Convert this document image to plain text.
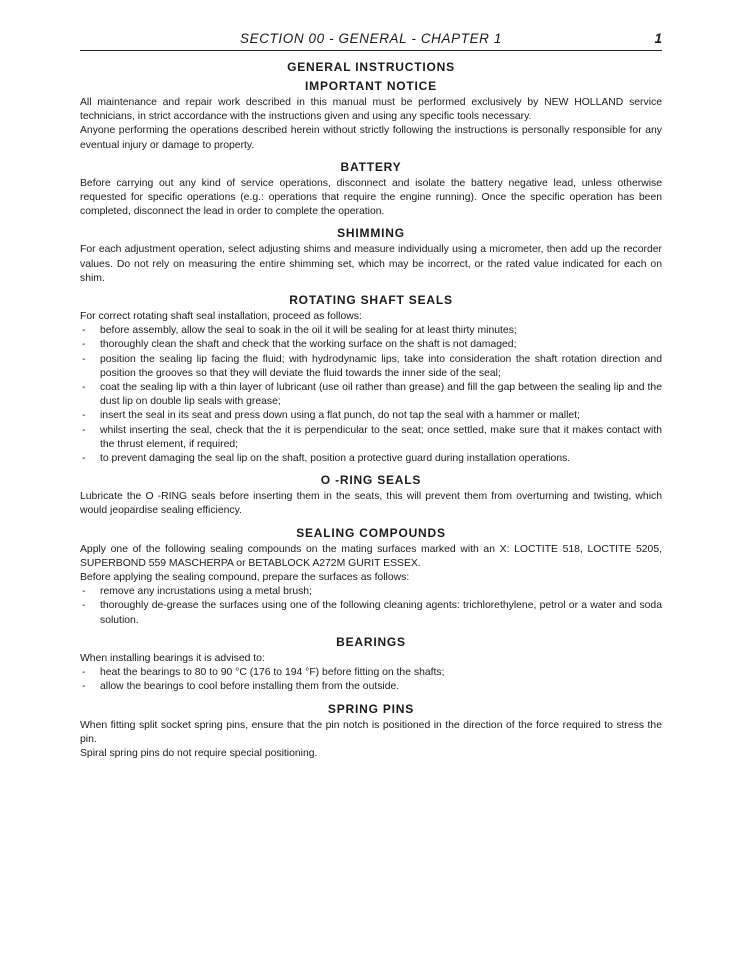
SECTION 00 - GENERAL - CHAPTER 1	1
GENERAL INSTRUCTIONS
IMPORTANT NOTICE

All maintenance and repair work described in this manual must be performed exclusively by NEW HOLLAND service technicians, in strict accordance with the instructions given and using any specific tools necessary.

Anyone performing the operations described herein without strictly following the instructions is personally responsible for any eventual injury or damage to property.

BATTERY

Before carrying out any kind of service operations, disconnect and isolate the battery negative lead, unless otherwise requested for specific operations (e.g.: operations that require the engine running). Once the specific operation has been completed, disconnect the lead in order to complete the operation.

SHIMMING

For each adjustment operation, select adjusting shims and measure individually using a micrometer, then add up the recorder values. Do not rely on measuring the entire shimming set, which may be incorrect, or the rated value indicated for each on shim.

ROTATING SHAFT SEALS

For correct rotating shaft seal installation, proceed as follows:

- before assembly, allow the seal to soak in the oil it will be sealing for at least thirty minutes;
- thoroughly clean the shaft and check that the working surface on the shaft is not damaged;
- position the sealing lip facing the fluid; with hydrodynamic lips, take into consideration the shaft rotation direction and position the grooves so that they will deviate the fluid towards the inner side of the seal;
- coat the sealing lip with a thin layer of lubricant (use oil rather than grease) and fill the gap between the sealing lip and the dust lip on double lip seals with grease;
- insert the seal in its seat and press down using a flat punch, do not tap the seal with a hammer or mallet;
- whilst inserting the seal, check that the it is perpendicular to the seat; once settled, make sure that it makes contact with the thrust element, if required;
- to prevent damaging the seal lip on the shaft, position a protective guard during installation operations.
O -RING SEALS

Lubricate the O -RING seals before inserting them in the seats, this will prevent them from overturning and twisting, which would jeopardise sealing efficiency.

SEALING COMPOUNDS

Apply one of the following sealing compounds on the mating surfaces marked with an X: LOCTITE 518, LOCTITE 5205, SUPERBOND 559 MASCHERPA or BETABLOCK A272M GURIT ESSEX.

Before applying the sealing compound, prepare the surfaces as follows:

- remove any incrustations using a metal brush;
- thoroughly de-grease the surfaces using one of the following cleaning agents: trichlorethylene, petrol or a water and soda solution.
BEARINGS

When installing bearings it is advised to:

- heat the bearings to 80 to 90 °C (176 to 194 °F) before fitting on the shafts;
- allow the bearings to cool before installing them from the outside.
SPRING PINS

When fitting split socket spring pins, ensure that the pin notch is positioned in the direction of the force required to stress the pin.

Spiral spring pins do not require special positioning.
